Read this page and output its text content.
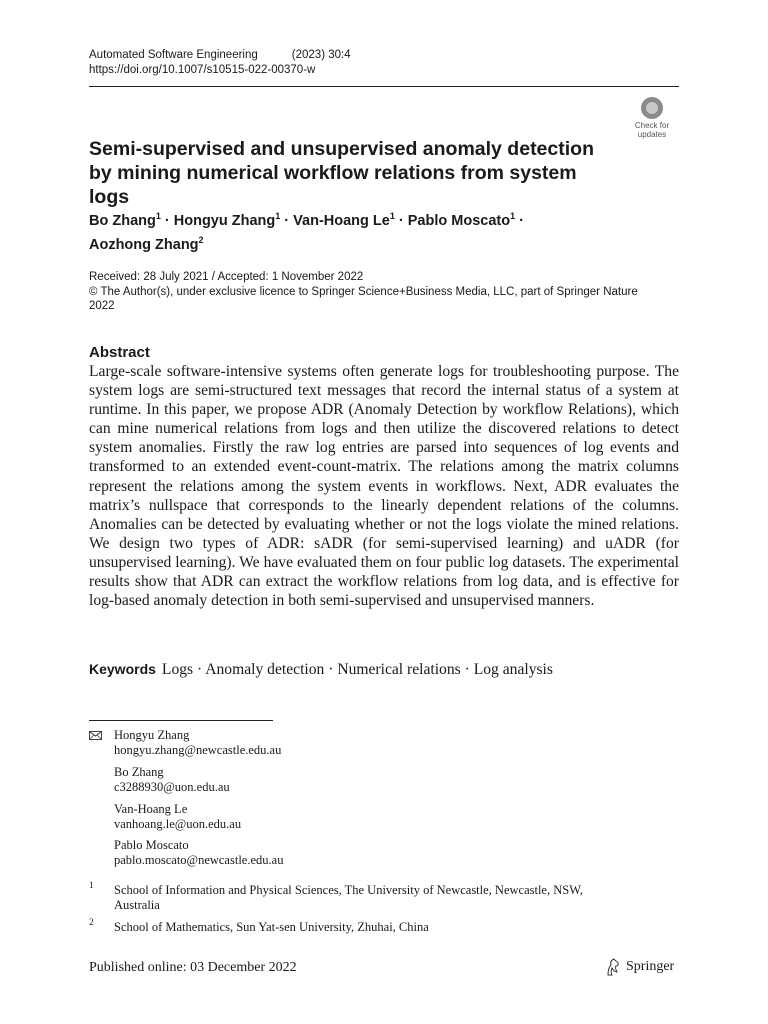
Automated Software Engineering	(2023) 30:4
https://doi.org/10.1007/s10515-022-00370-w
Check for
updates
Semi-supervised and unsupervised anomaly detection
by mining numerical workflow relations from system logs
Bo Zhang$^1$ · Hongyu Zhang$^1$ · Van-Hoang $Le^1$ · Pablo Moscato$^1$ ·
Aozhong Zhang$^2$
Received: 28 July 2021 / Accepted: 1 November 2022
© The Author(s), under exclusive licence to Springer Science+Business Media, LLC, part of Springer Nature
2022
Abstract
Large-scale software-intensive systems often generate logs for troubleshooting purpose. The system logs are semi-structured text messages that record the internal status of a system at runtime. In this paper, we propose ADR (Anomaly Detection by workflow Relations), which can mine numerical relations from logs and then utilize the discovered relations to detect system anomalies. Firstly the raw log entries are parsed into sequences of log events and transformed to an extended event-count-matrix. The relations among the matrix columns represent the relations among the system events in workflows. Next, ADR evaluates the matrix’s nullspace that corresponds to the linearly dependent relations of the columns. Anomalies can be detected by evaluating whether or not the logs violate the mined relations. We design two types of ADR: sADR (for semi-supervised learning) and uADR (for unsupervised learning). We have evaluated them on four public log datasets. The experimental results show that ADR can extract the workflow relations from log data, and is effective for log-based anomaly detection in both semi-supervised and unsupervised manners.
Keywords Logs · Anomaly detection · Numerical relations · Log analysis
Hongyu Zhang
hongyu.zhang@newcastle.edu.au
Bo Zhang
c3288930@uon.edu.au
Van-Hoang Le
vanhoang.le@uon.edu.au
Pablo Moscato
pablo.moscato@newcastle.edu.au
1 School of Information and Physical Sciences, The University of Newcastle, Newcastle, NSW,
Australia
2 School of Mathematics, Sun Yat-sen University, Zhuhai, China
Published online: 03 December 2022	Springer
